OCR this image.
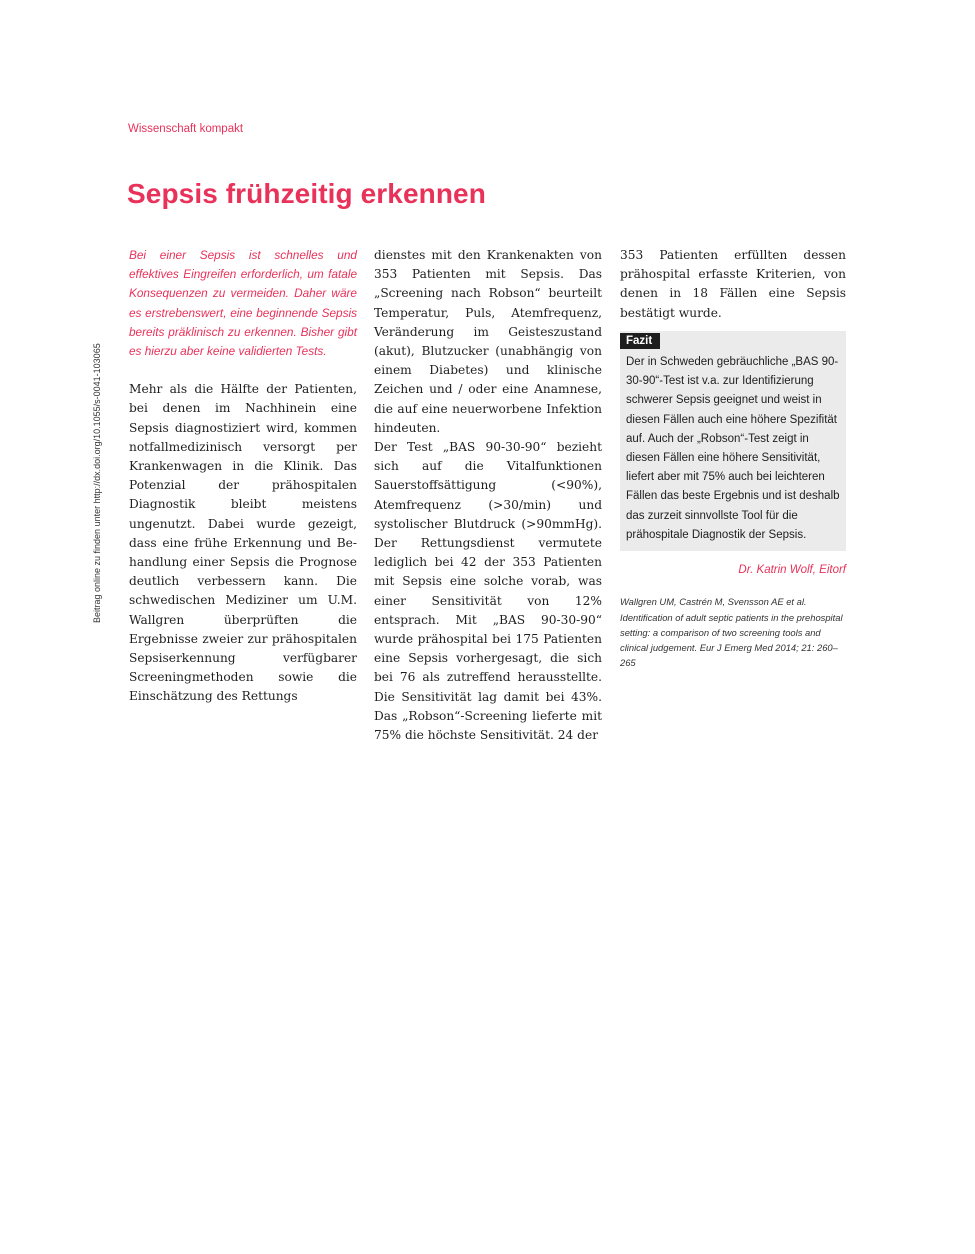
Wissenschaft kompakt
Sepsis frühzeitig erkennen
Beitrag online zu finden unter http://dx.doi.org/10.1055/s-0041-103065

Bei einer Sepsis ist schnelles und effektives Eingreifen erforderlich, um fatale Konsequenzen zu vermeiden. Daher wäre es erstrebenswert, eine beginnende Sepsis bereits präklinisch zu erkennen. Bisher gibt es hierzu aber keine validierten Tests.

Mehr als die Hälfte der Patienten, bei denen im Nachhinein eine Sepsis diagnostiziert wird, kommen notfallmedizinisch versorgt per Krankenwagen in die Klinik. Das Potenzial der prähospitalen Diagnostik bleibt meistens ungenutzt. Dabei wurde gezeigt, dass eine frühe Erkennung und Behandlung einer Sepsis die Prognose deutlich verbessern kann. Die schwedischen Mediziner um U.M. Wallgren überprüften die Ergebnisse zweier zur prähospitalen Sepsiserkennung verfügbarer Screeningmethoden sowie die Einschätzung des Rettungs

dienstes mit den Krankenakten von 353 Patienten mit Sepsis. Das „Screening nach Robson“ beurteilt Temperatur, Puls, Atemfrequenz, Veränderung im Geisteszustand (akut), Blutzucker (unabhängig von einem Diabetes) und klinische Zeichen und / oder eine Anamnese, die auf eine neuerworbene Infektion hindeuten.

Der Test „BAS 90-30-90“ bezieht sich auf die Vitalfunktionen Sauerstoffsättigung (<90%), Atemfrequenz (>30/min) und systolischer Blutdruck (>90mmHg). Der Rettungsdienst vermutete lediglich bei 42 der 353 Patienten mit Sepsis eine solche vorab, was einer Sensitivität von 12% entsprach. Mit „BAS 90-30-90“ wurde prähospital bei 175 Patienten eine Sepsis vorhergesagt, die sich bei 76 als zutreffend herausstellte. Die Sensitivität lag damit bei 43%. Das „Robson“-Screening lieferte mit 75% die höchste Sensitivität. 24 der

353 Patienten erfüllten dessen prähospital erfasste Kriterien, von denen in 18 Fällen eine Sepsis bestätigt wurde.

Fazit

Der in Schweden gebräuchliche „BAS 90-30-90“-Test ist v.a. zur Identifizierung schwerer Sepsis geeignet und weist in diesen Fällen auch eine höhere Spezifität auf. Auch der „Robson“-Test zeigt in diesen Fällen eine höhere Sensitivität, liefert aber mit 75% auch bei leichteren Fällen das beste Ergebnis und ist deshalb das zurzeit sinnvollste Tool für die prähospitale Diagnostik der Sepsis.

Dr. Katrin Wolf, Eitorf

Wallgren UM, Castrén M, Svensson AE et al. Identification of adult septic patients in the prehospital setting: a comparison of two screening tools and clinical judgement. Eur J Emerg Med 2014; 21: 260–265
